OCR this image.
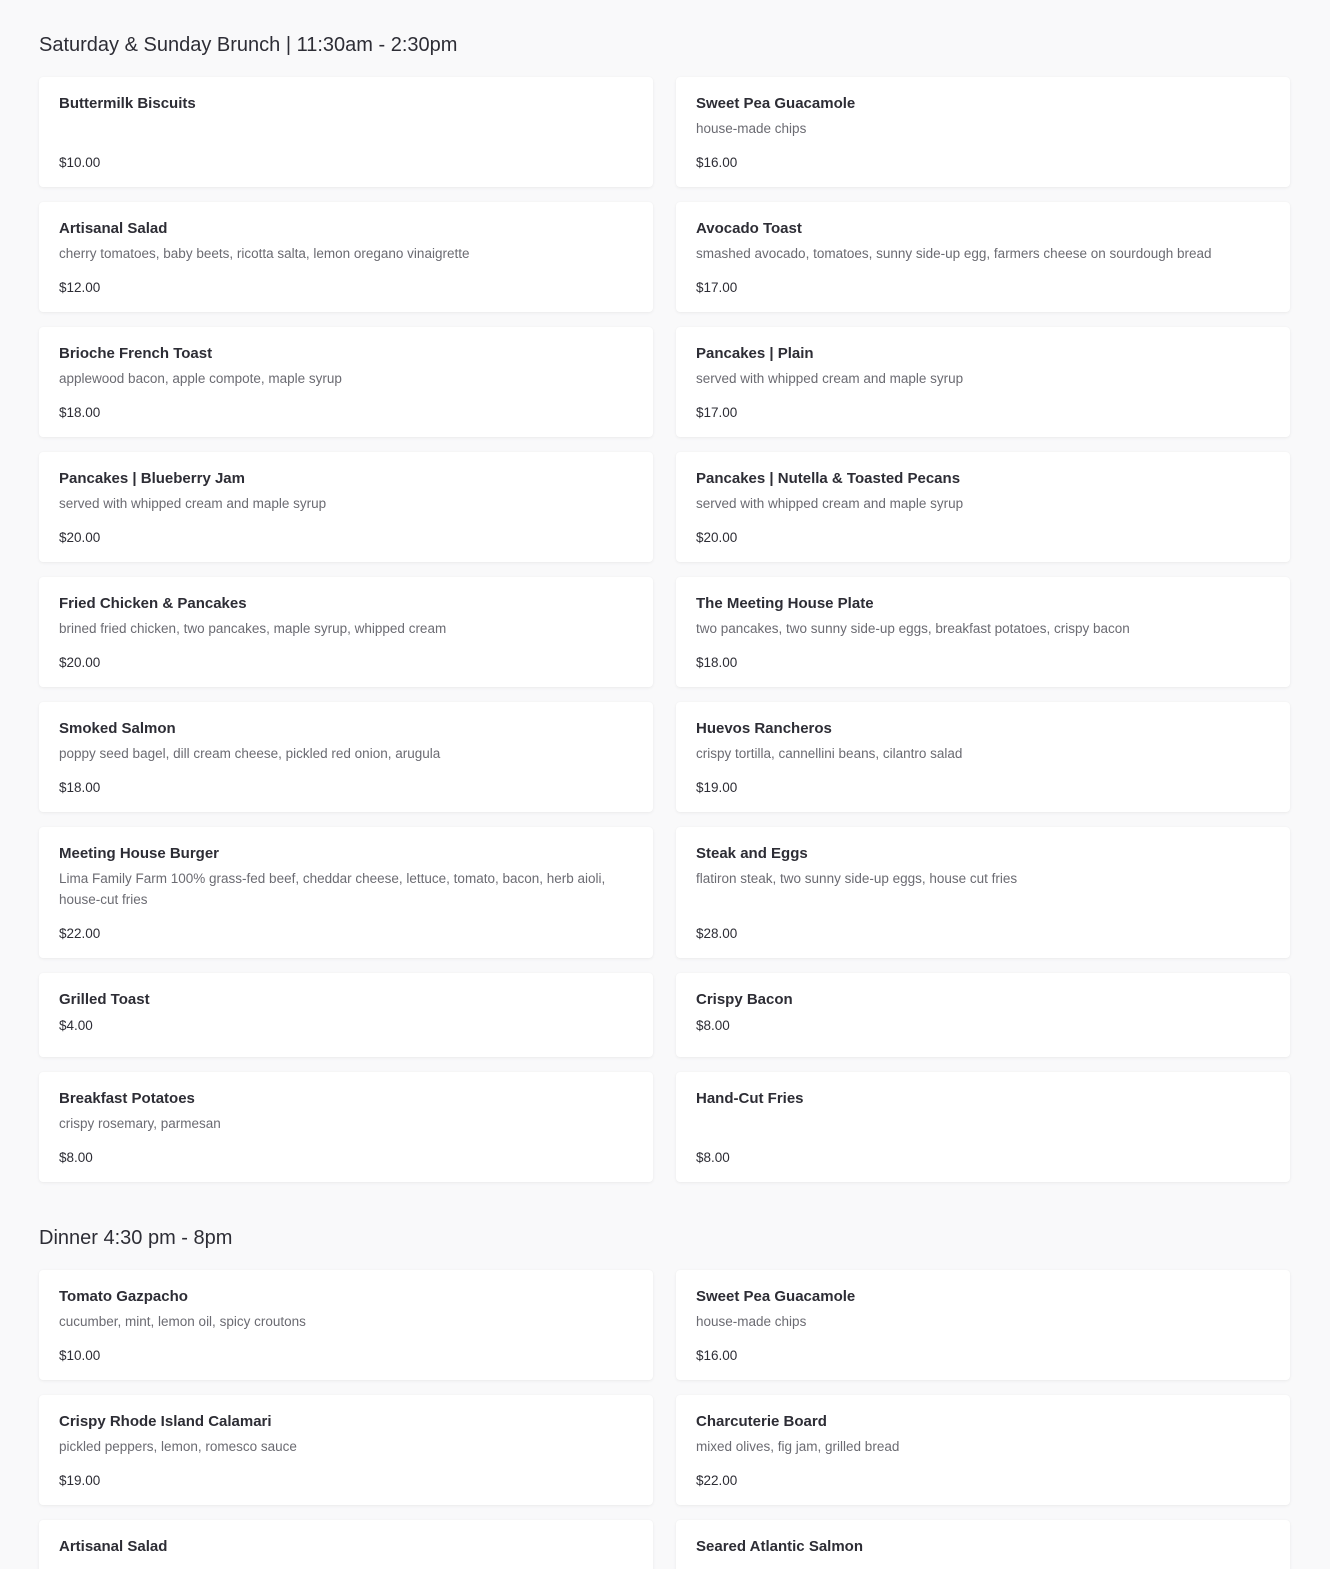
Saturday & Sunday Brunch | 11:30am - 2:30pm
Buttermilk Biscuits
$10.00
Sweet Pea Guacamole
house-made chips
$16.00
Artisanal Salad
cherry tomatoes, baby beets, ricotta salta, lemon oregano vinaigrette
$12.00
Avocado Toast
smashed avocado, tomatoes, sunny side-up egg, farmers cheese on sourdough bread
$17.00
Brioche French Toast
applewood bacon, apple compote, maple syrup
$18.00
Pancakes | Plain
served with whipped cream and maple syrup
$17.00
Pancakes | Blueberry Jam
served with whipped cream and maple syrup
$20.00
Pancakes | Nutella & Toasted Pecans
served with whipped cream and maple syrup
$20.00
Fried Chicken & Pancakes
brined fried chicken, two pancakes, maple syrup, whipped cream
$20.00
The Meeting House Plate
two pancakes, two sunny side-up eggs, breakfast potatoes, crispy bacon
$18.00
Smoked Salmon
poppy seed bagel, dill cream cheese, pickled red onion, arugula
$18.00
Huevos Rancheros
crispy tortilla, cannellini beans, cilantro salad
$19.00
Meeting House Burger
Lima Family Farm 100% grass-fed beef, cheddar cheese, lettuce, tomato, bacon, herb aioli, house-cut fries
$22.00
Steak and Eggs
flatiron steak, two sunny side-up eggs, house cut fries
$28.00
Grilled Toast
$4.00
Crispy Bacon
$8.00
Breakfast Potatoes
crispy rosemary, parmesan
$8.00
Hand-Cut Fries
$8.00
Dinner 4:30 pm - 8pm
Tomato Gazpacho
cucumber, mint, lemon oil, spicy croutons
$10.00
Sweet Pea Guacamole
house-made chips
$16.00
Crispy Rhode Island Calamari
pickled peppers, lemon, romesco sauce
$19.00
Charcuterie Board
mixed olives, fig jam, grilled bread
$22.00
Artisanal Salad	Seared Atlantic Salmon
